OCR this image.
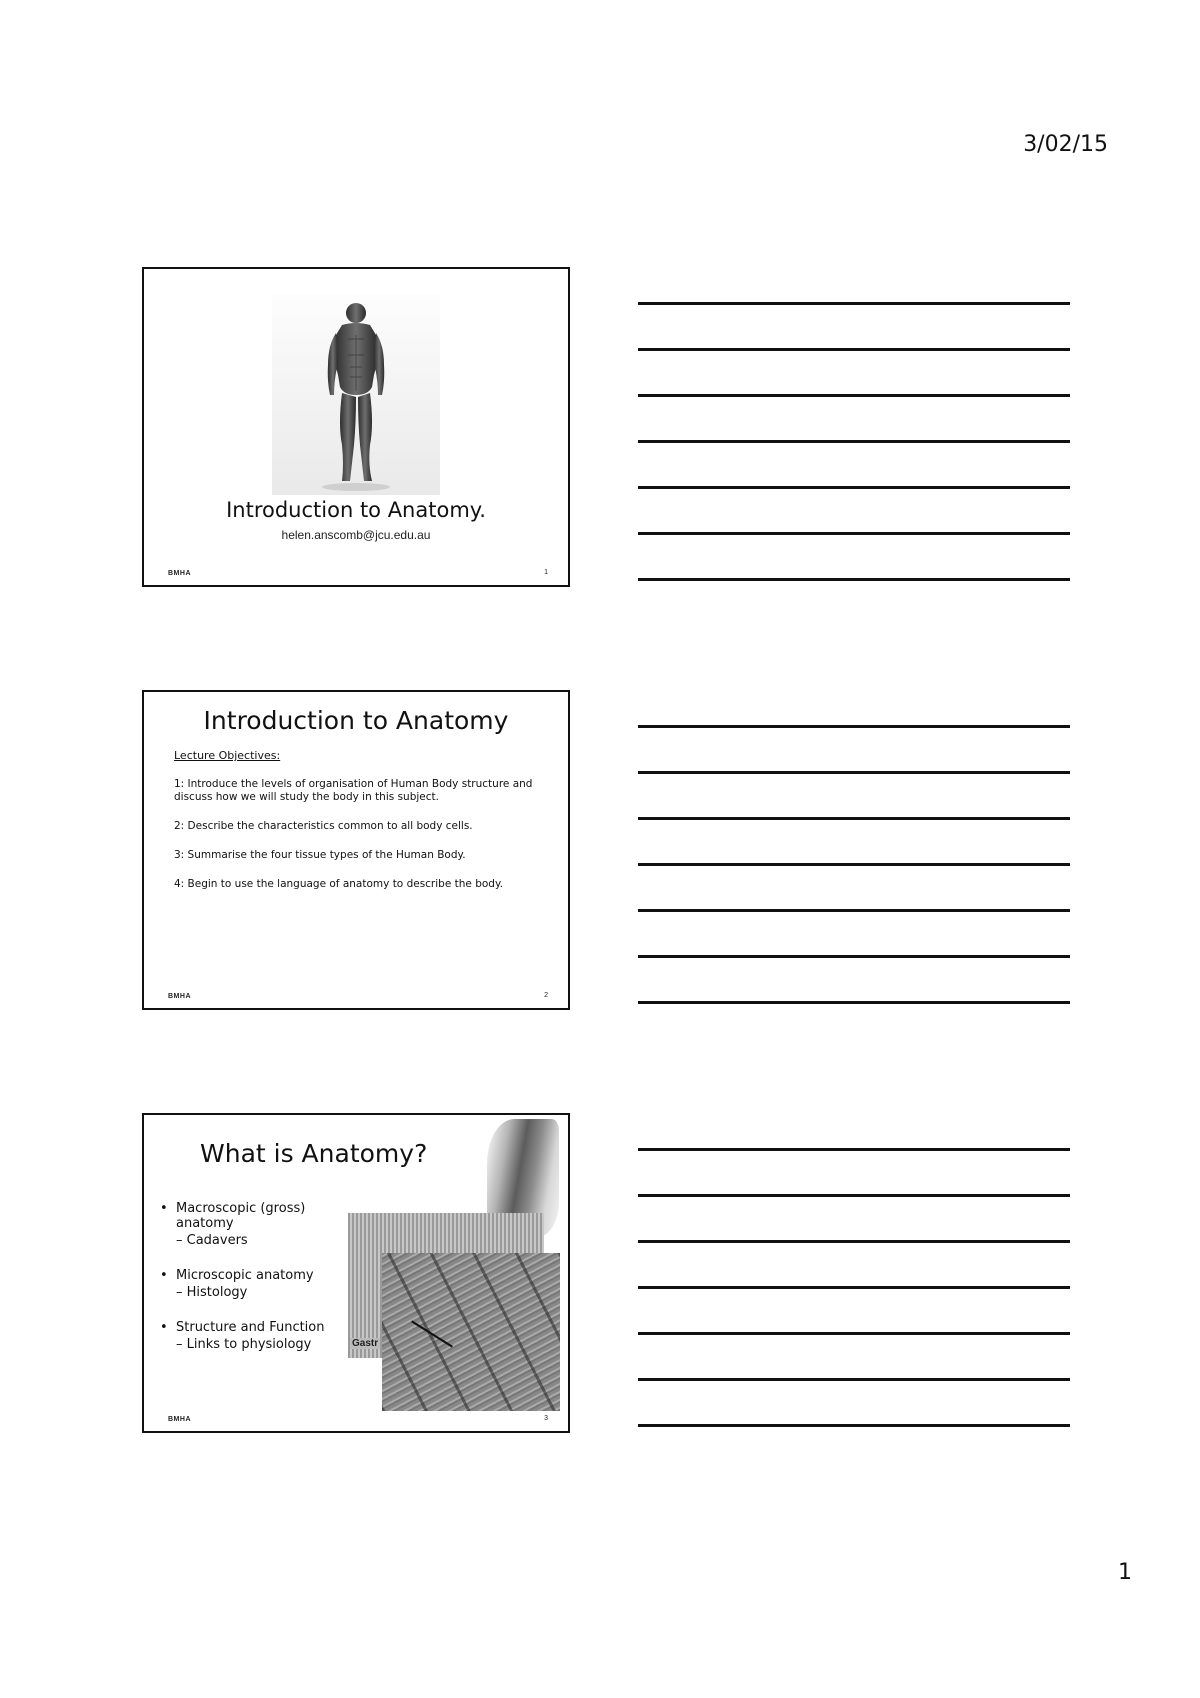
3/02/15
Introduction to Anatomy.
helen.anscomb@jcu.edu.au
BMHA	1
Introduction to Anatomy
Lecture Objectives:

1: Introduce the levels of organisation of Human Body structure and discuss how we will study the body in this subject.

2: Describe the characteristics common to all body cells.

3: Summarise the four tissue types of the Human Body.

4: Begin to use the language of anatomy to describe the body.

BMHA	2
What is Anatomy?
• Macroscopic (gross) anatomy
– Cadavers
• Microscopic anatomy
– Histology
• Structure and Function
– Links to physiology	Gastr
BMHA	3
1
